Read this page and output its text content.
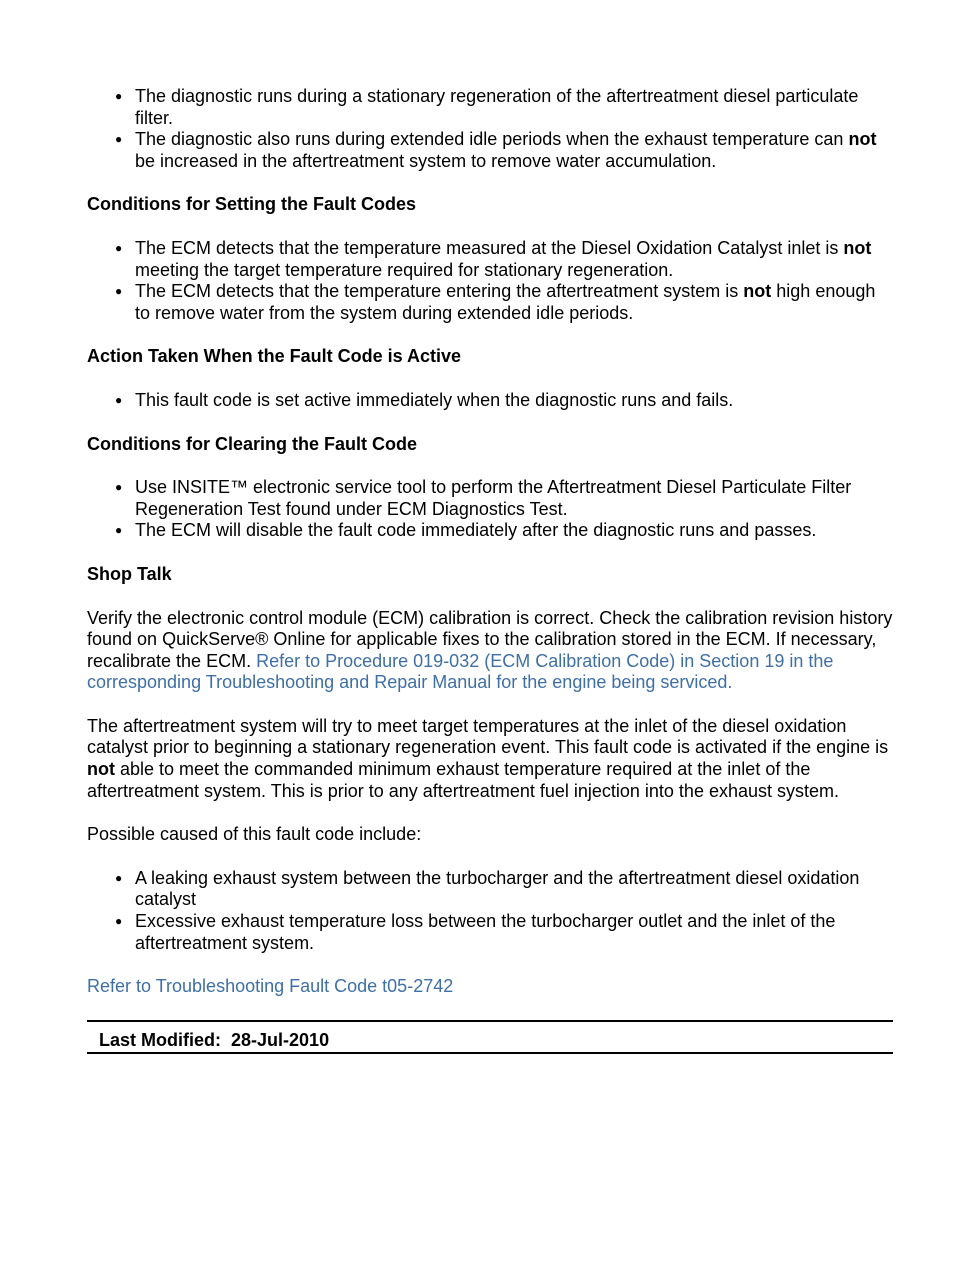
● The diagnostic runs during a stationary regeneration of the aftertreatment diesel particulate filter.
● The diagnostic also runs during extended idle periods when the exhaust temperature can not be increased in the aftertreatment system to remove water accumulation.

Conditions for Setting the Fault Codes

● The ECM detects that the temperature measured at the Diesel Oxidation Catalyst inlet is not meeting the target temperature required for stationary regeneration.
● The ECM detects that the temperature entering the aftertreatment system is not high enough to remove water from the system during extended idle periods.

Action Taken When the Fault Code is Active

● This fault code is set active immediately when the diagnostic runs and fails.

Conditions for Clearing the Fault Code

● Use INSITE™ electronic service tool to perform the Aftertreatment Diesel Particulate Filter Regeneration Test found under ECM Diagnostics Test.
● The ECM will disable the fault code immediately after the diagnostic runs and passes.

Shop Talk

Verify the electronic control module (ECM) calibration is correct. Check the calibration revision history found on QuickServe® Online for applicable fixes to the calibration stored in the ECM. If necessary, recalibrate the ECM. Refer to Procedure 019-032 (ECM Calibration Code) in Section 19 in the corresponding Troubleshooting and Repair Manual for the engine being serviced.

The aftertreatment system will try to meet target temperatures at the inlet of the diesel oxidation catalyst prior to beginning a stationary regeneration event. This fault code is activated if the engine is not able to meet the commanded minimum exhaust temperature required at the inlet of the aftertreatment system. This is prior to any aftertreatment fuel injection into the exhaust system.

Possible caused of this fault code include:

● A leaking exhaust system between the turbocharger and the aftertreatment diesel oxidation catalyst
● Excessive exhaust temperature loss between the turbocharger outlet and the inlet of the aftertreatment system.

Refer to Troubleshooting Fault Code t05-2742

Last Modified: 28-Jul-2010
